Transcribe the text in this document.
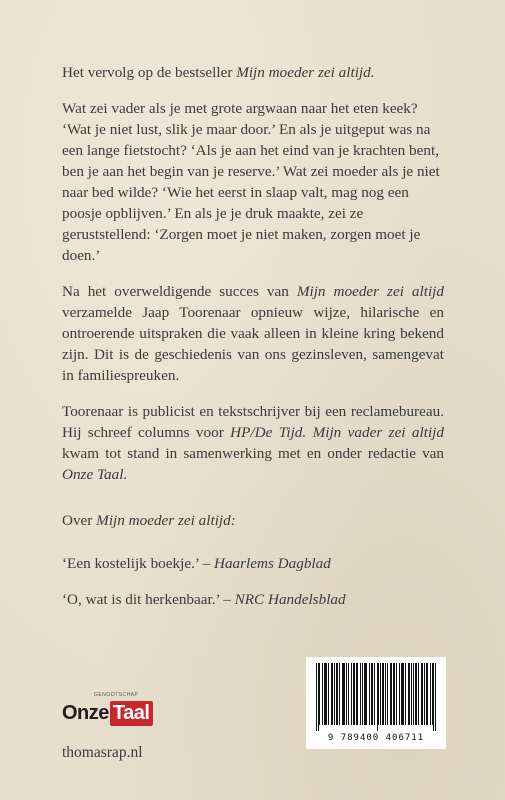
Het vervolg op de bestseller Mijn moeder zei altijd.

Wat zei vader als je met grote argwaan naar het eten keek? ‘Wat je niet lust, slik je maar door.’ En als je uitgeput was na een lange fietstocht? ‘Als je aan het eind van je krachten bent, ben je aan het begin van je reserve.’ Wat zei moeder als je niet naar bed wilde? ‘Wie het eerst in slaap valt, mag nog een poosje opblijven.’ En als je je druk maakte, zei ze geruststellend: ‘Zorgen moet je niet maken, zorgen moet je doen.’

Na het overweldigende succes van Mijn moeder zei altijd verzamelde Jaap Toorenaar opnieuw wijze, hilarische en ontroerende uitspraken die vaak alleen in kleine kring bekend zijn. Dit is de geschiedenis van ons gezinsleven, samengevat in familiespreuken.

Toorenaar is publicist en tekstschrijver bij een reclamebureau. Hij schreef columns voor HP/De Tijd. Mijn vader zei altijd kwam tot stand in samenwerking met en onder redactie van Onze Taal.

Over Mijn moeder zei altijd:

‘Een kostelijk boekje.’ – Haarlems Dagblad

‘O, wat is dit herkenbaar.’ – NRC Handelsblad

GENOOTSCHAP
Onze Taal
thomasrap.nl
9 789400 406711
